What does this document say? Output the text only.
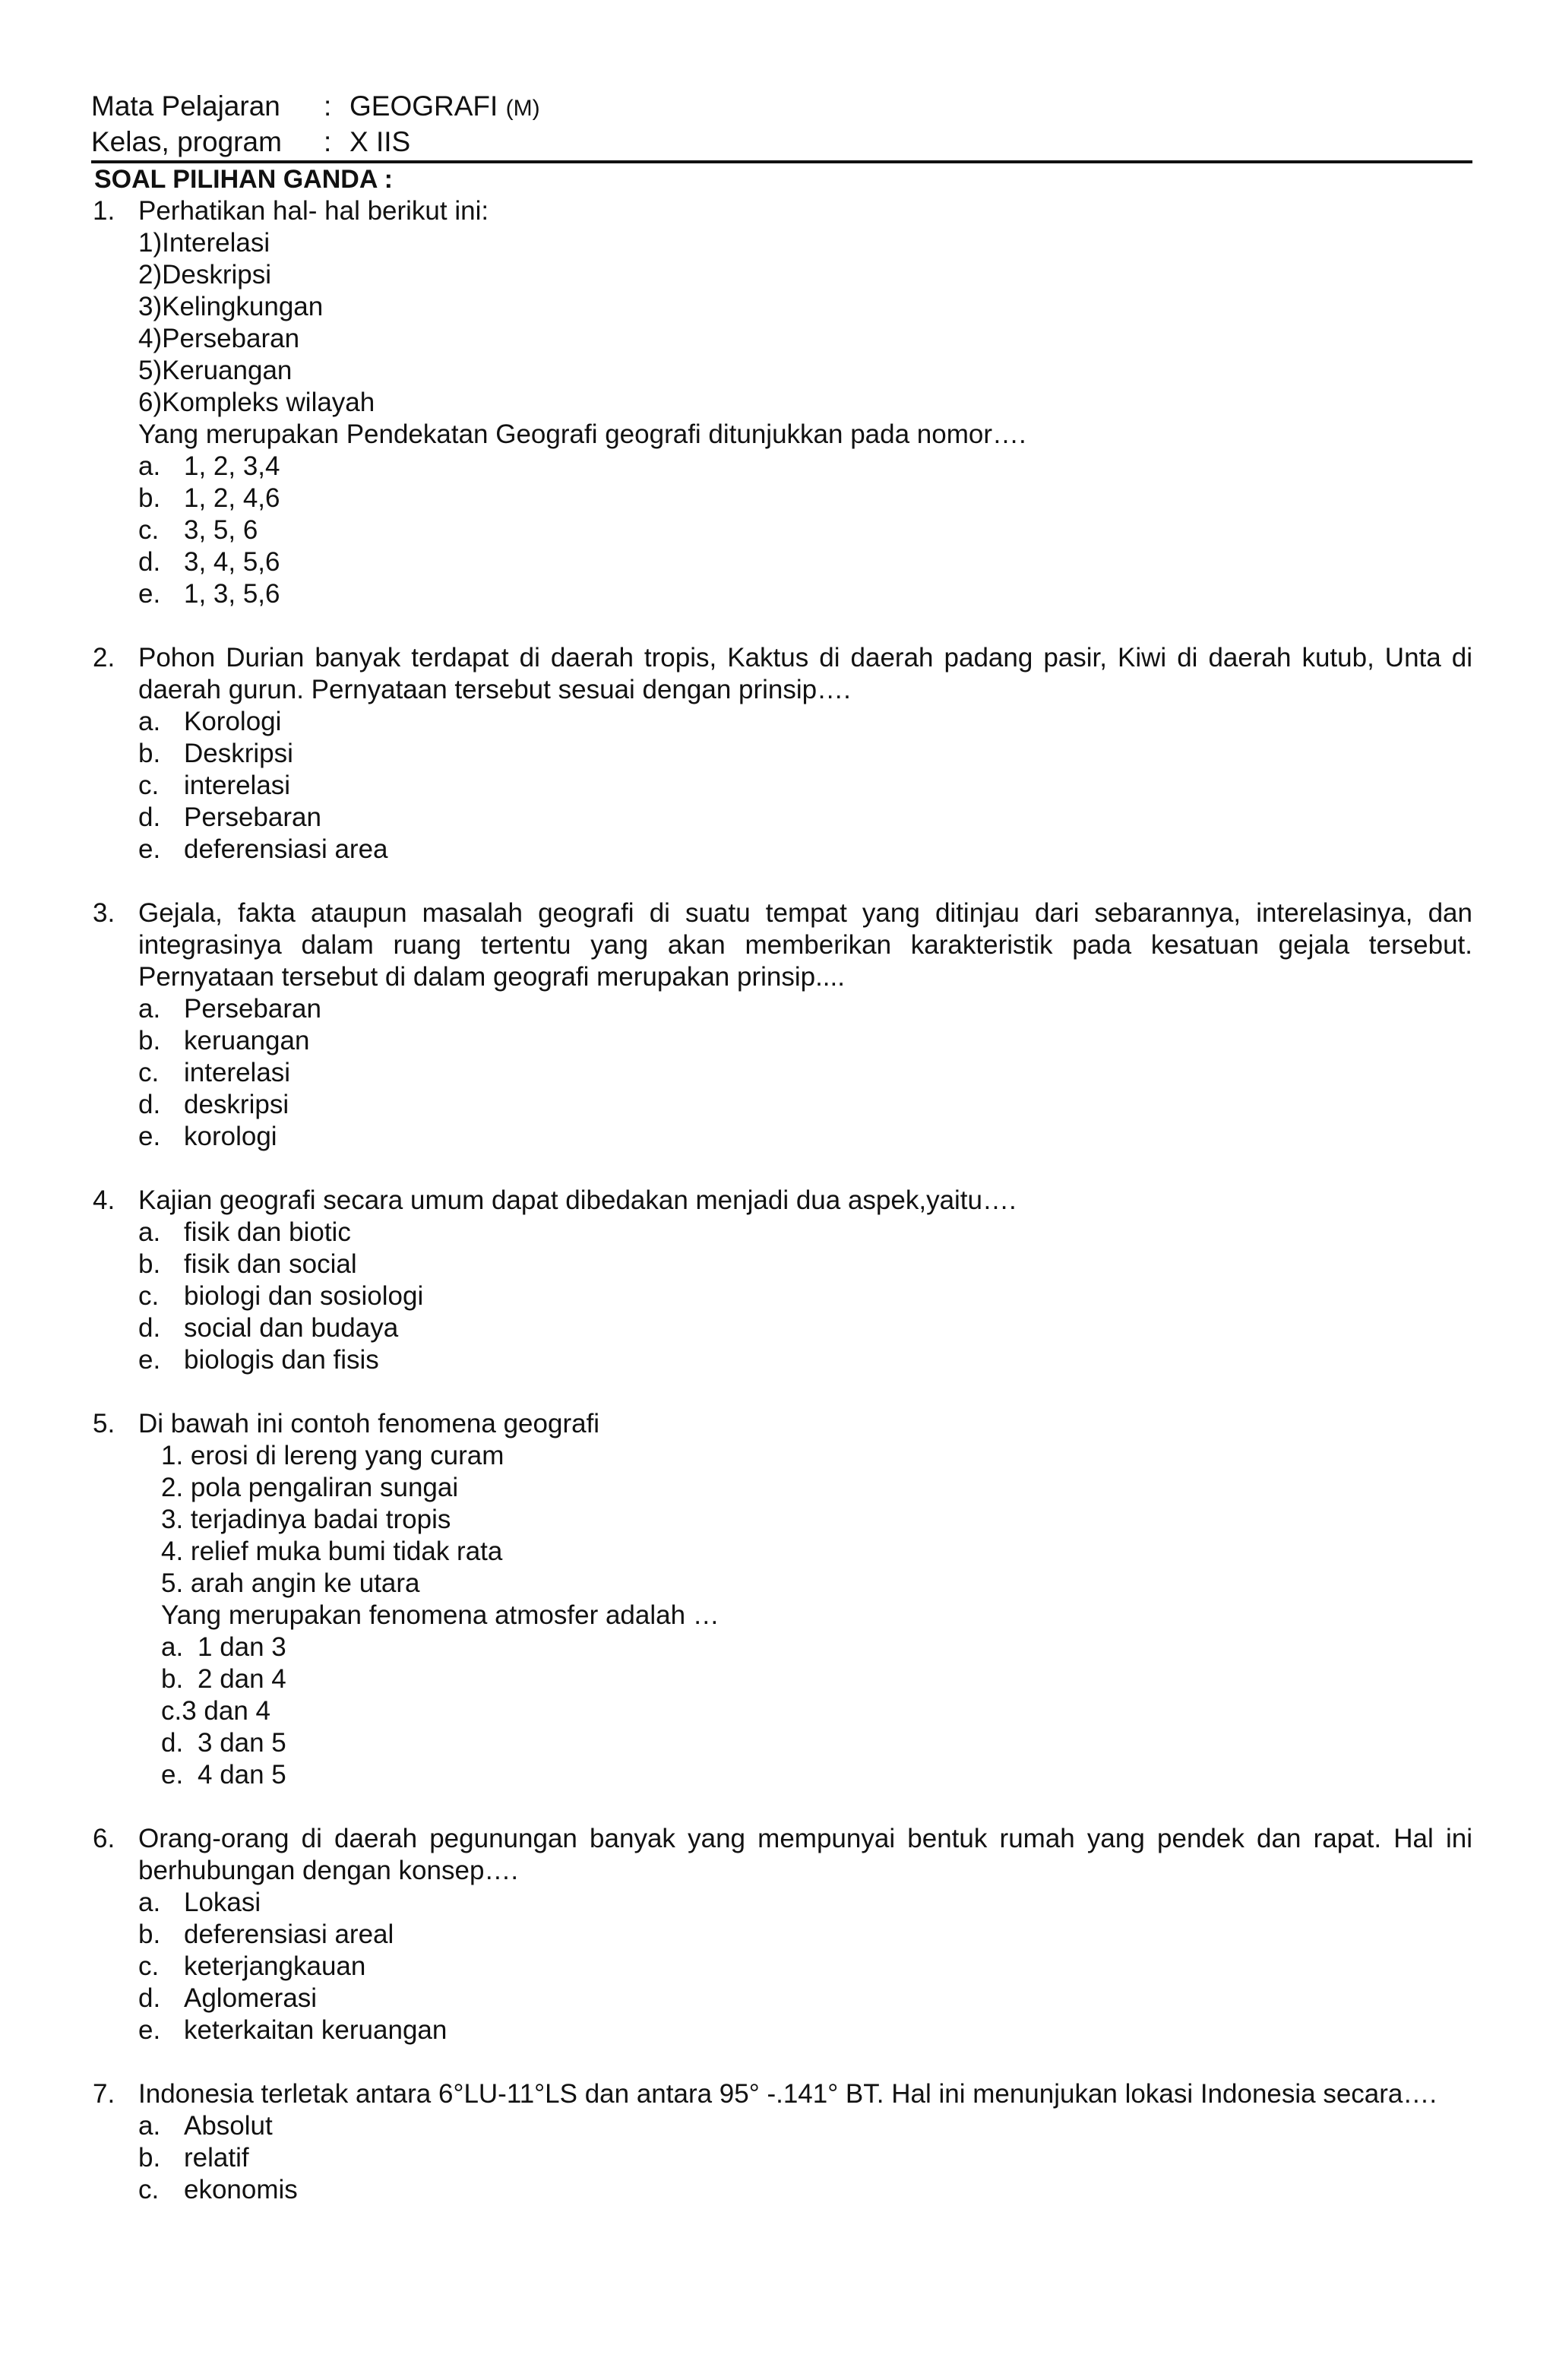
Mata Pelajaran : GEOGRAFI (M)
Kelas, program : X IIS
SOAL PILIHAN GANDA :
1. Perhatikan hal- hal berikut ini:
1)Interelasi
2)Deskripsi
3)Kelingkungan
4)Persebaran
5)Keruangan
6)Kompleks wilayah
Yang merupakan Pendekatan Geografi geografi ditunjukkan pada nomor….
a. 1, 2, 3,4
b. 1, 2, 4,6
c. 3, 5, 6
d. 3, 4, 5,6
e. 1, 3, 5,6
2. Pohon Durian banyak terdapat di daerah tropis, Kaktus di daerah padang pasir, Kiwi di daerah kutub, Unta di daerah gurun. Pernyataan tersebut sesuai dengan prinsip….
a. Korologi
b. Deskripsi
c. interelasi
d. Persebaran
e. deferensiasi area
3. Gejala, fakta ataupun masalah geografi di suatu tempat yang ditinjau dari sebarannya, interelasinya, dan integrasinya dalam ruang tertentu yang akan memberikan karakteristik pada kesatuan gejala tersebut. Pernyataan tersebut di dalam geografi merupakan prinsip....
a. Persebaran
b. keruangan
c. interelasi
d. deskripsi
e. korologi
4. Kajian geografi secara umum dapat dibedakan menjadi dua aspek,yaitu….
a. fisik dan biotic
b. fisik dan social
c. biologi dan sosiologi
d. social dan budaya
e. biologis dan fisis
5. Di bawah ini contoh fenomena geografi
1. erosi di lereng yang curam
2. pola pengaliran sungai
3. terjadinya badai tropis
4. relief muka bumi tidak rata
5. arah angin ke utara
Yang merupakan fenomena atmosfer adalah …
a. 1 dan 3
b. 2 dan 4
c.3 dan 4
d. 3 dan 5
e. 4 dan 5
6. Orang-orang di daerah pegunungan banyak yang mempunyai bentuk rumah yang pendek dan rapat. Hal ini berhubungan dengan konsep….
a. Lokasi
b. deferensiasi areal
c. keterjangkauan
d. Aglomerasi
e. keterkaitan keruangan
7. Indonesia terletak antara 6°LU-11°LS dan antara 95° -.141° BT. Hal ini menunjukan lokasi Indonesia secara….
a. Absolut
b. relatif
c. ekonomis
